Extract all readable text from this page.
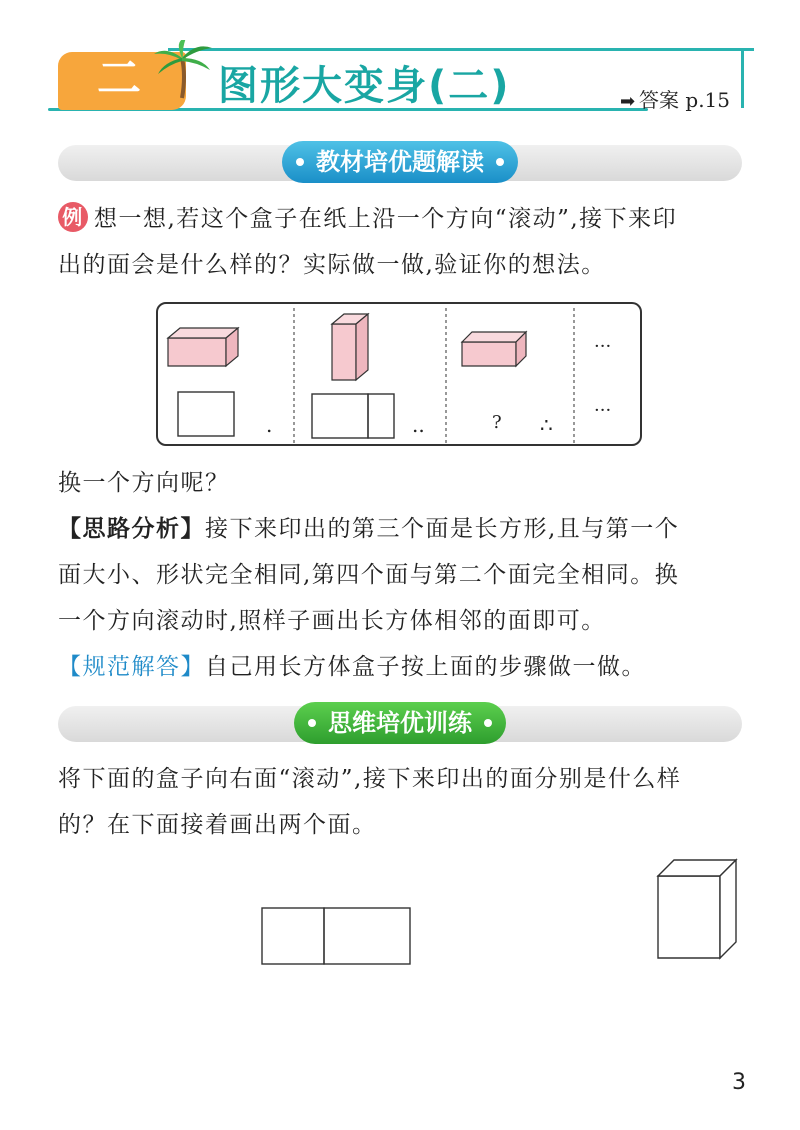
二	图形大变身(二)	➡ 答案 p.15
教材培优题解读
例 想一想,若这个盒子在纸上沿一个方向“滚动”,接下来印
出的面会是什么样的？实际做一做,验证你的想法。
.	..	? ∴
···
···
换一个方向呢？
【思路分析】接下来印出的第三个面是长方形,且与第一个
面大小、形状完全相同,第四个面与第二个面完全相同。换
一个方向滚动时,照样子画出长方体相邻的面即可。
【规范解答】自己用长方体盒子按上面的步骤做一做。
思维培优训练
将下面的盒子向右面“滚动”,接下来印出的面分别是什么样
的？在下面接着画出两个面。
3
